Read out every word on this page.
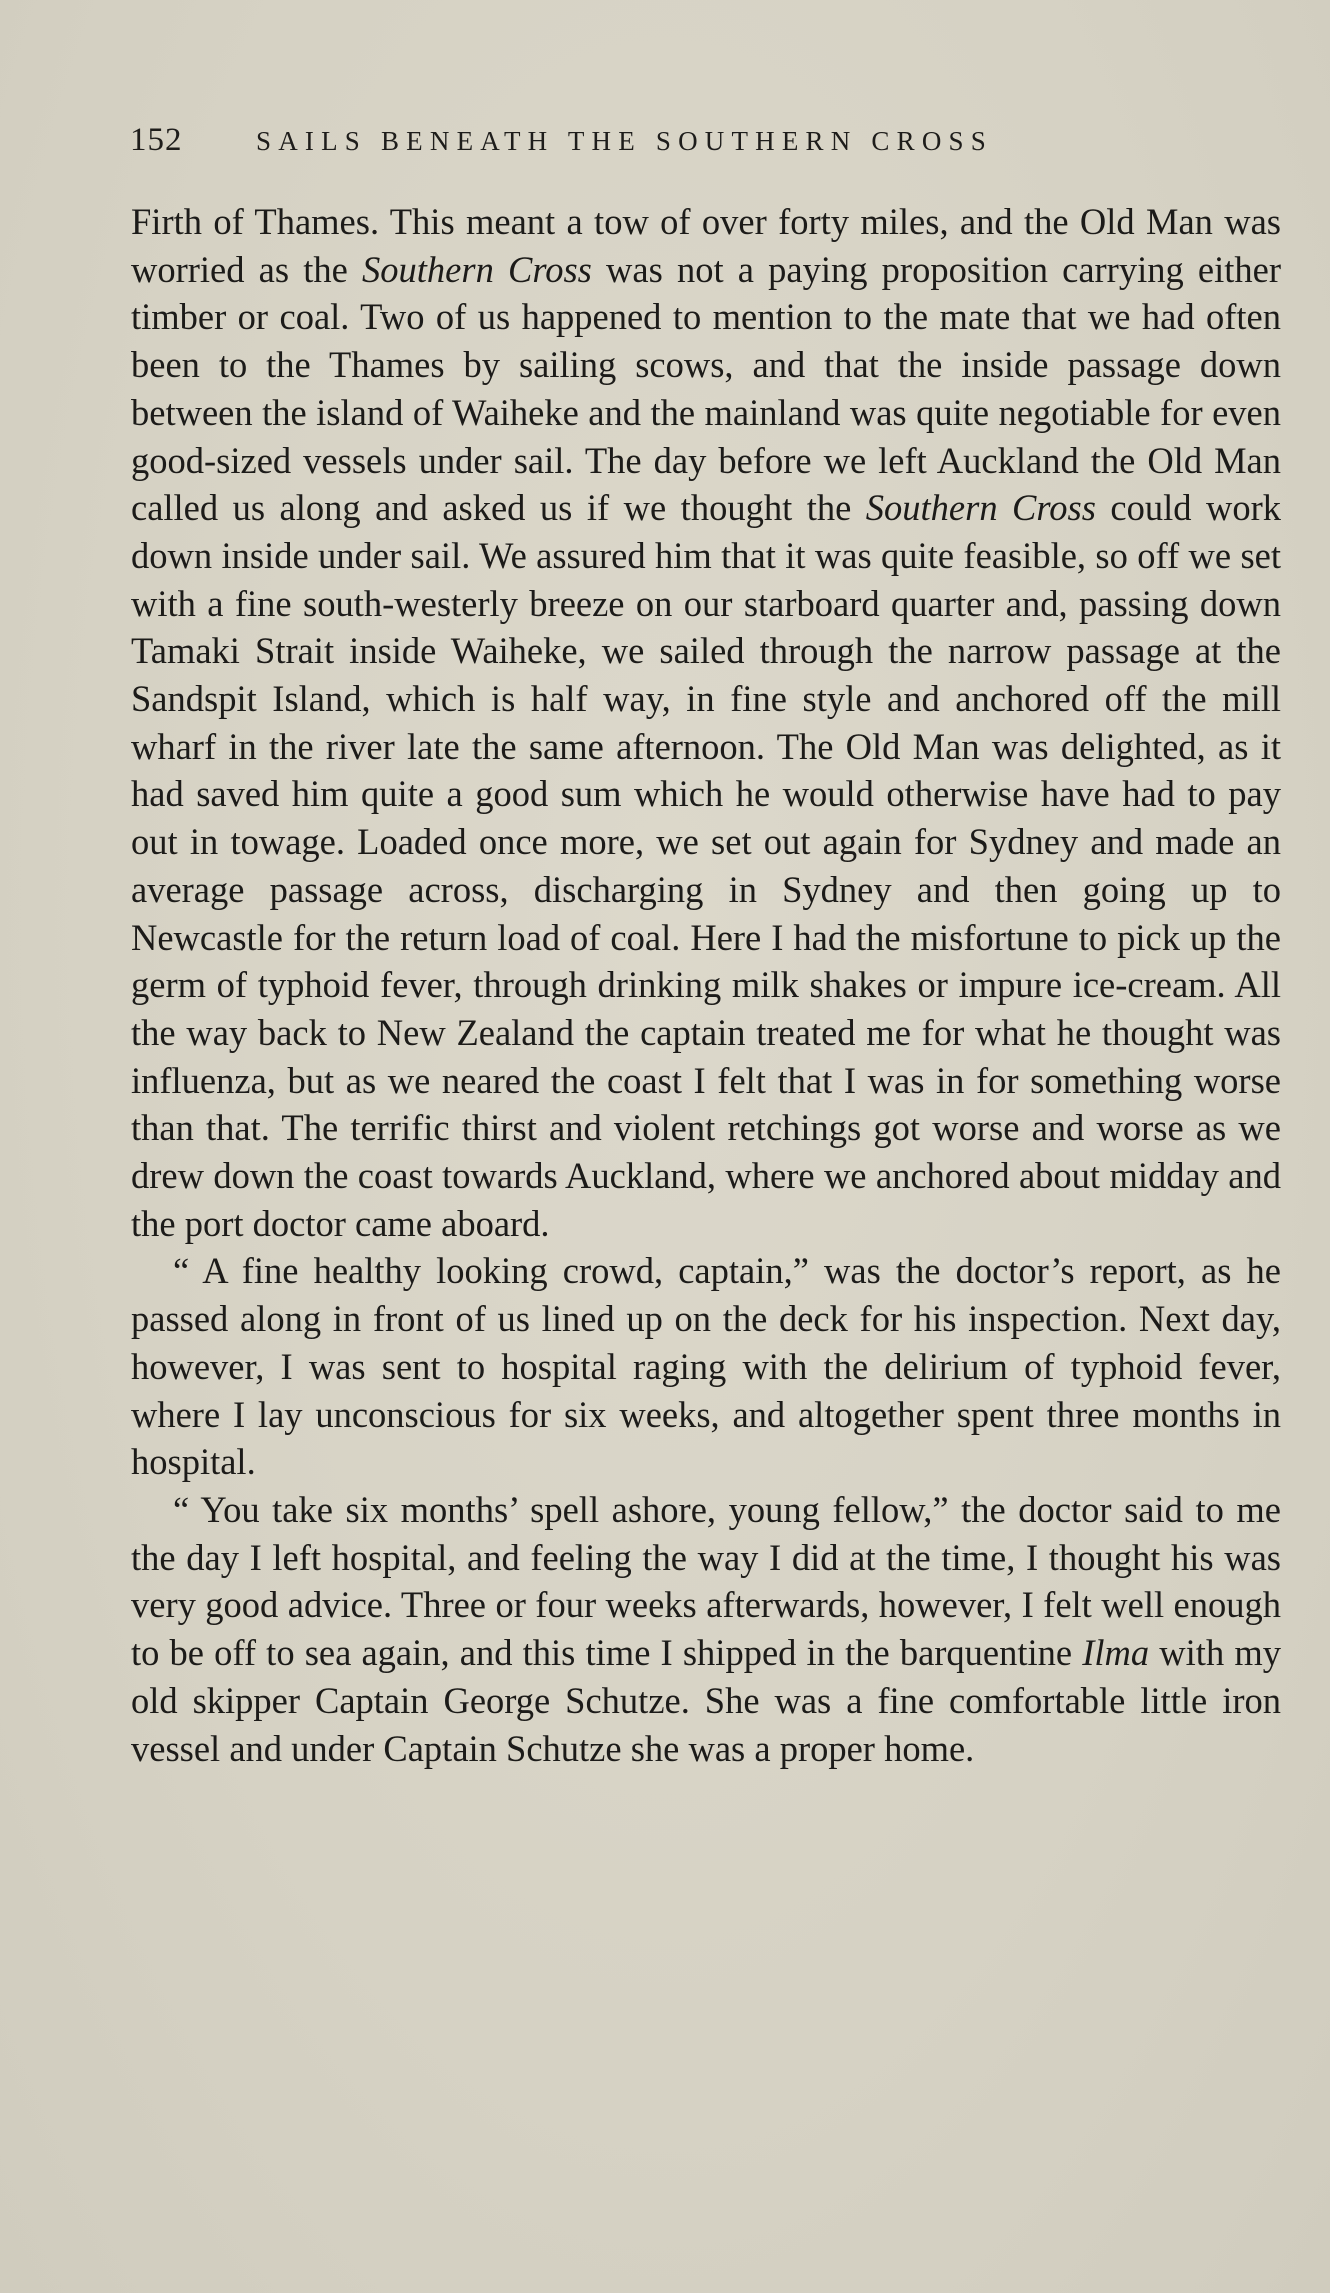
152	SAILS BENEATH THE SOUTHERN CROSS

Firth of Thames. This meant a tow of over forty miles, and the Old Man was worried as the Southern Cross was not a paying proposition carrying either timber or coal. Two of us happened to mention to the mate that we had often been to the Thames by sailing scows, and that the inside passage down between the island of Waiheke and the mainland was quite negotiable for even good-sized vessels under sail. The day before we left Auckland the Old Man called us along and asked us if we thought the Southern Cross could work down inside under sail. We assured him that it was quite feasible, so off we set with a fine south-westerly breeze on our starboard quarter and, passing down Tamaki Strait inside Waiheke, we sailed through the narrow passage at the Sandspit Island, which is half way, in fine style and anchored off the mill wharf in the river late the same afternoon. The Old Man was delighted, as it had saved him quite a good sum which he would otherwise have had to pay out in towage. Loaded once more, we set out again for Sydney and made an average passage across, discharging in Sydney and then going up to Newcastle for the return load of coal. Here I had the misfortune to pick up the germ of typhoid fever, through drinking milk shakes or impure ice-cream. All the way back to New Zealand the captain treated me for what he thought was influenza, but as we neared the coast I felt that I was in for something worse than that. The terrific thirst and violent retchings got worse and worse as we drew down the coast towards Auckland, where we anchored about midday and the port doctor came aboard.

“ A fine healthy looking crowd, captain,” was the doctor’s report, as he passed along in front of us lined up on the deck for his inspection. Next day, however, I was sent to hospital raging with the delirium of typhoid fever, where I lay unconscious for six weeks, and altogether spent three months in hospital.

“ You take six months’ spell ashore, young fellow,” the doctor said to me the day I left hospital, and feeling the way I did at the time, I thought his was very good advice. Three or four weeks afterwards, however, I felt well enough to be off to sea again, and this time I shipped in the barquentine Ilma with my old skipper Captain George Schutze. She was a fine comfortable little iron vessel and under Captain Schutze she was a proper home.
